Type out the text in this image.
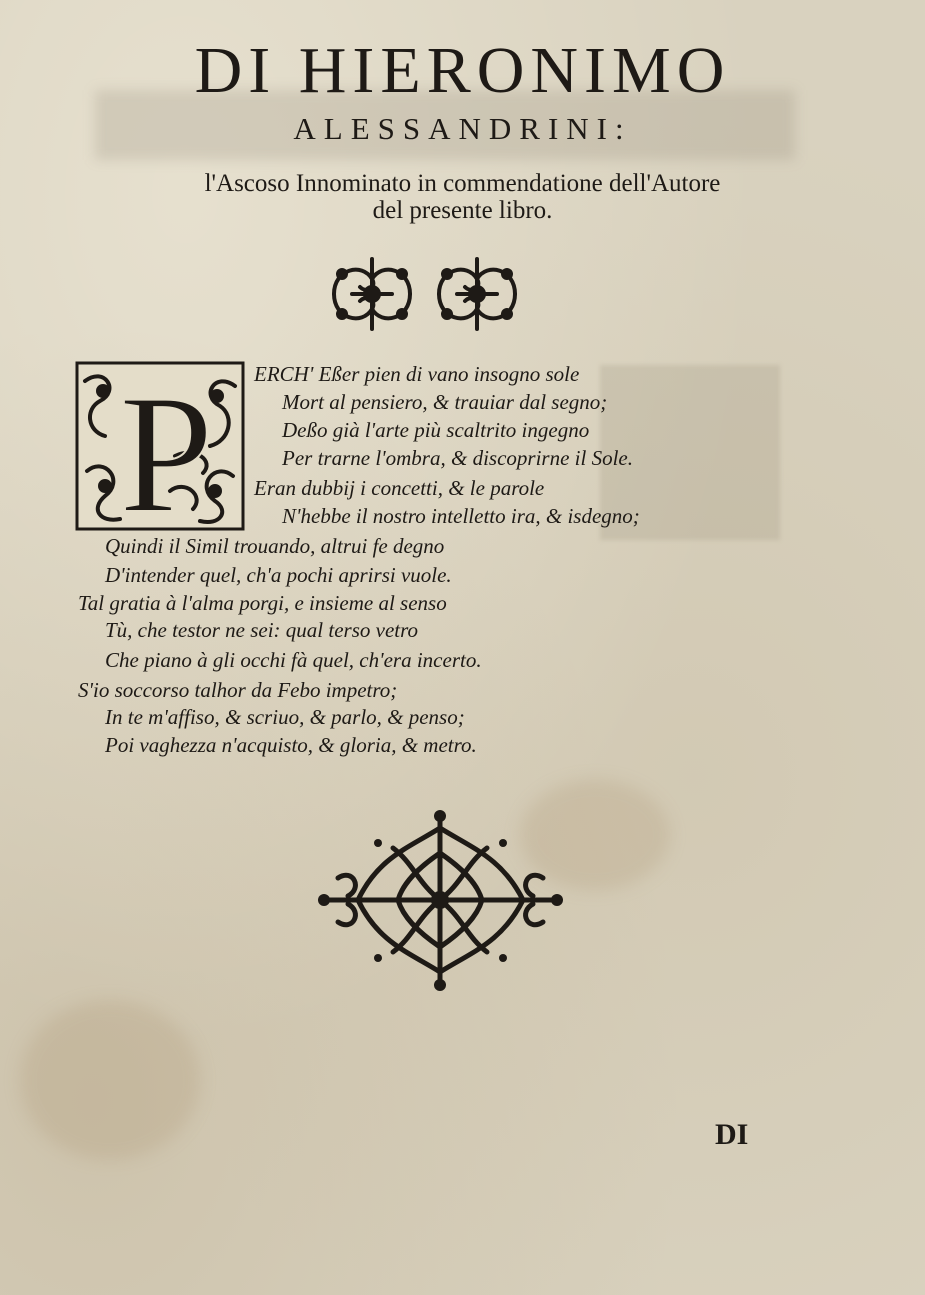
DI HIERONIMO
ALESSANDRINI:
l'Ascoso Innominato in commendatione dell'Autore
del presente libro.
P ERCH' Eßer pien di vano insogno sole
Mort al pensiero, & trauiar dal segno;
Deßo già l'arte più scaltrito ingegno
Per trarne l'ombra, & discoprirne il Sole.
Eran dubbij i concetti, & le parole
N'hebbe il nostro intelletto ira, & isdegno;
Quindi il Simil trouando, altrui fe degno
D'intender quel, ch'a pochi aprirsi vuole.
Tal gratia à l'alma porgi, e insieme al senso
Tù, che testor ne sei: qual terso vetro
Che piano à gli occhi fà quel, ch'era incerto.
S'io soccorso talhor da Febo impetro;
In te m'affiso, & scriuo, & parlo, & penso;
Poi vaghezza n'acquisto, & gloria, & metro.
DI
